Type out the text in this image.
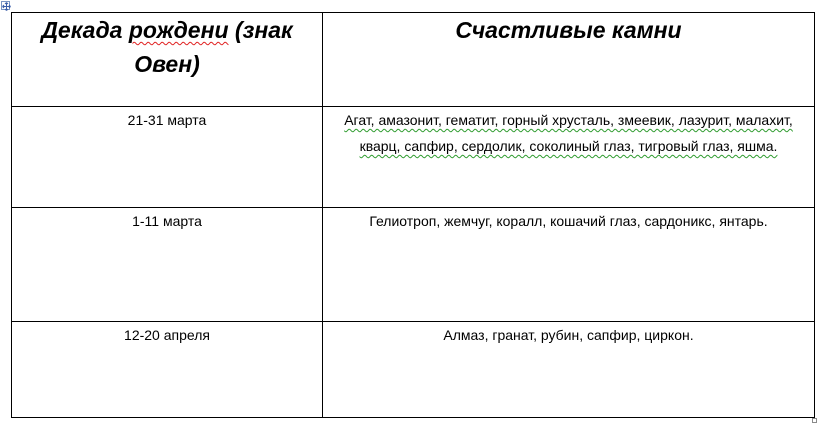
Декада рождени (знак Овен)	Счастливые камни
21-31 марта	Агат, амазонит, гематит, горный хрусталь, змеевик, лазурит, малахит, кварц, сапфир, сердолик, соколиный глаз, тигровый глаз, яшма.
1-11 марта	Гелиотроп, жемчуг, коралл, кошачий глаз, сардоникс, янтарь.
12-20 апреля	Алмаз, гранат, рубин, сапфир, циркон.
